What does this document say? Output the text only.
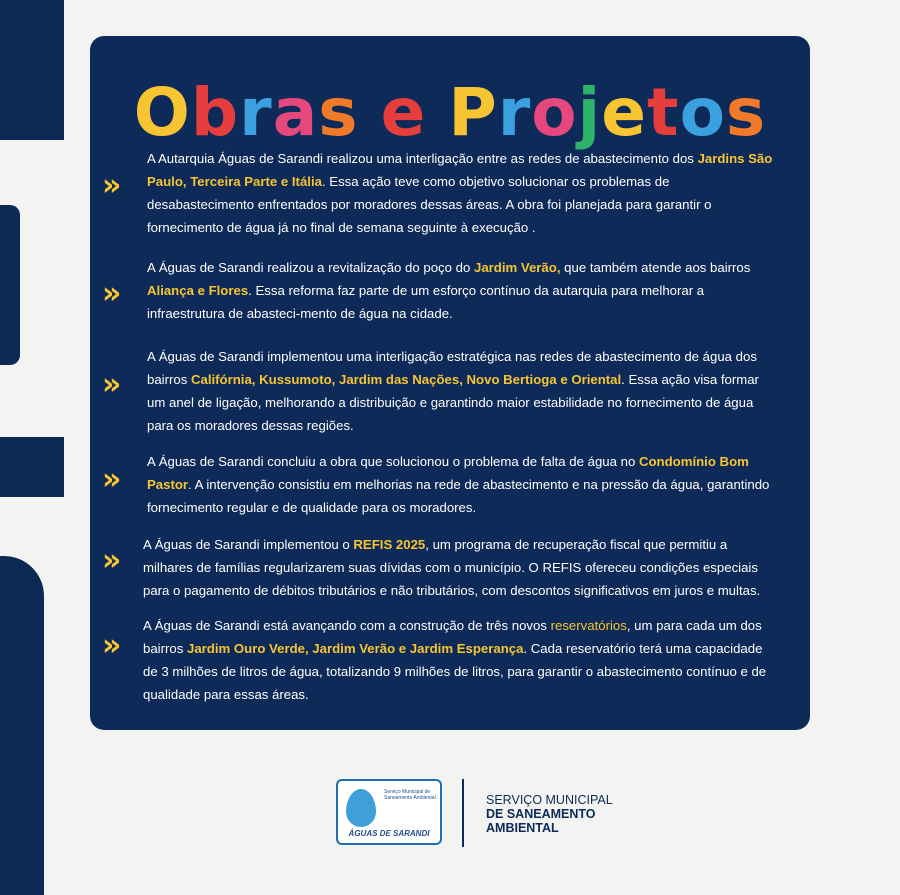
Obras e Projetos
»
A Autarquia Águas de Sarandi realizou uma interligação entre as redes de abastecimento dos Jardins São Paulo, Terceira Parte e Itália. Essa ação teve como objetivo solucionar os problemas de desabastecimento enfrentados por moradores dessas áreas. A obra foi planejada para garantir o fornecimento de água já no final de semana seguinte à execução .
»
A Águas de Sarandi realizou a revitalização do poço do Jardim Verão, que também atende aos bairros Aliança e Flores. Essa reforma faz parte de um esforço contínuo da autarquia para melhorar a infraestrutura de abasteci-mento de água na cidade.
»
A Águas de Sarandi implementou uma interligação estratégica nas redes de abastecimento de água dos bairros Califórnia, Kussumoto, Jardim das Nações, Novo Bertioga e Oriental. Essa ação visa formar um anel de ligação, melhorando a distribuição e garantindo maior estabilidade no fornecimento de água para os moradores dessas regiões.
»
A Águas de Sarandi concluiu a obra que solucionou o problema de falta de água no Condomínio Bom Pastor. A intervenção consistiu em melhorias na rede de abastecimento e na pressão da água, garantindo fornecimento regular e de qualidade para os moradores.
»	A Águas de Sarandi implementou o REFIS 2025, um programa de recuperação fiscal que permitiu a milhares de famílias regularizarem suas dívidas com o município. O REFIS ofereceu condições especiais para o pagamento de débitos tributários e não tributários, com descontos significativos em juros e multas.
»
A Águas de Sarandi está avançando com a construção de três novos reservatórios, um para cada um dos bairros Jardim Ouro Verde, Jardim Verão e Jardim Esperança. Cada reservatório terá uma capacidade de 3 milhões de litros de água, totalizando 9 milhões de litros, para garantir o abastecimento contínuo e de qualidade para essas áreas.
Serviço Municipal de Saneamento Ambiental
ÁGUAS DE SARANDI
SERVIÇO MUNICIPAL
DE SANEAMENTO
AMBIENTAL
